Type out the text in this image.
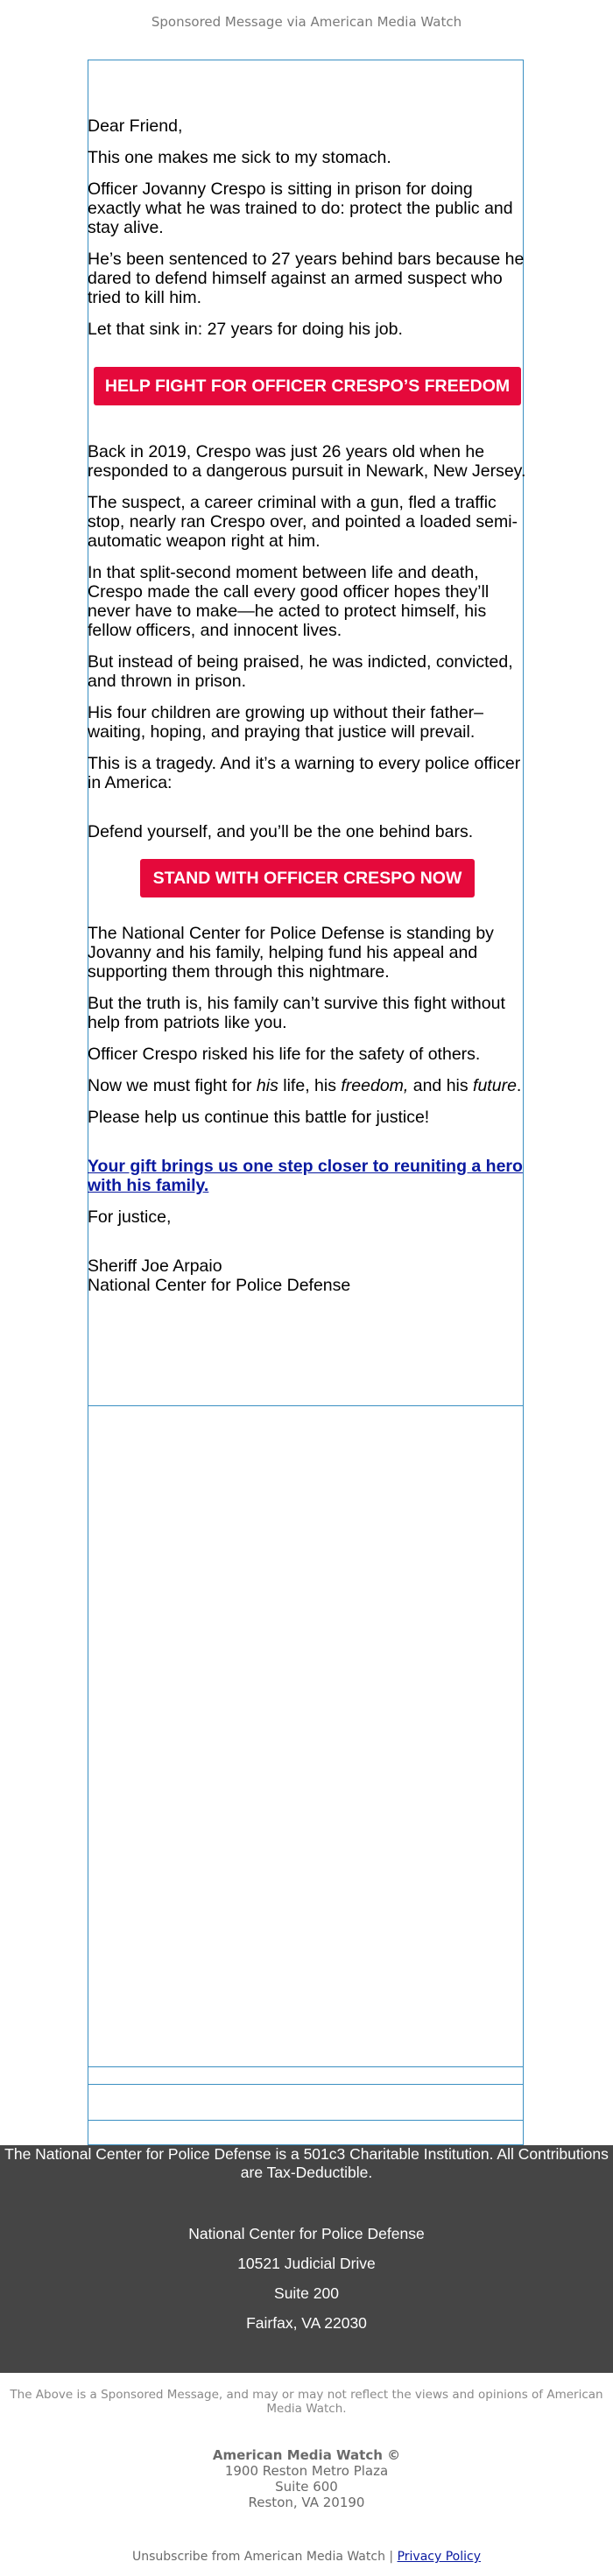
Sponsored Message via American Media Watch

Dear Friend,

This one makes me sick to my stomach.

Officer Jovanny Crespo is sitting in prison for doing exactly what he was trained to do: protect the public and stay alive.

He’s been sentenced to 27 years behind bars because he dared to defend himself against an armed suspect who tried to kill him.

Let that sink in: 27 years for doing his job.

HELP FIGHT FOR OFFICER CRESPO’S FREEDOM

Back in 2019, Crespo was just 26 years old when he responded to a dangerous pursuit in Newark, New Jersey.

The suspect, a career criminal with a gun, fled a traffic stop, nearly ran Crespo over, and pointed a loaded semi-automatic weapon right at him.

In that split-second moment between life and death, Crespo made the call every good officer hopes they’ll never have to make—he acted to protect himself, his fellow officers, and innocent lives.

But instead of being praised, he was indicted, convicted, and thrown in prison.

His four children are growing up without their father–waiting, hoping, and praying that justice will prevail.

This is a tragedy. And it’s a warning to every police officer in America:

Defend yourself, and you’ll be the one behind bars.

STAND WITH OFFICER CRESPO NOW

The National Center for Police Defense is standing by Jovanny and his family, helping fund his appeal and supporting them through this nightmare.

But the truth is, his family can’t survive this fight without help from patriots like you.

Officer Crespo risked his life for the safety of others.

Now we must fight for his life, his freedom, and his future.

Please help us continue this battle for justice!

Your gift brings us one step closer to reuniting a hero with his family.

For justice,

Sheriff Joe Arpaio

National Center for Police Defense

The National Center for Police Defense is a 501c3 Charitable Institution. All Contributions are Tax-Deductible.

National Center for Police Defense

10521 Judicial Drive

Suite 200

Fairfax, VA 22030

The Above is a Sponsored Message, and may or may not reflect the views and opinions of American Media Watch.

American Media Watch ©

1900 Reston Metro Plaza

Suite 600

Reston, VA 20190

Unsubscribe from American Media Watch | Privacy Policy
